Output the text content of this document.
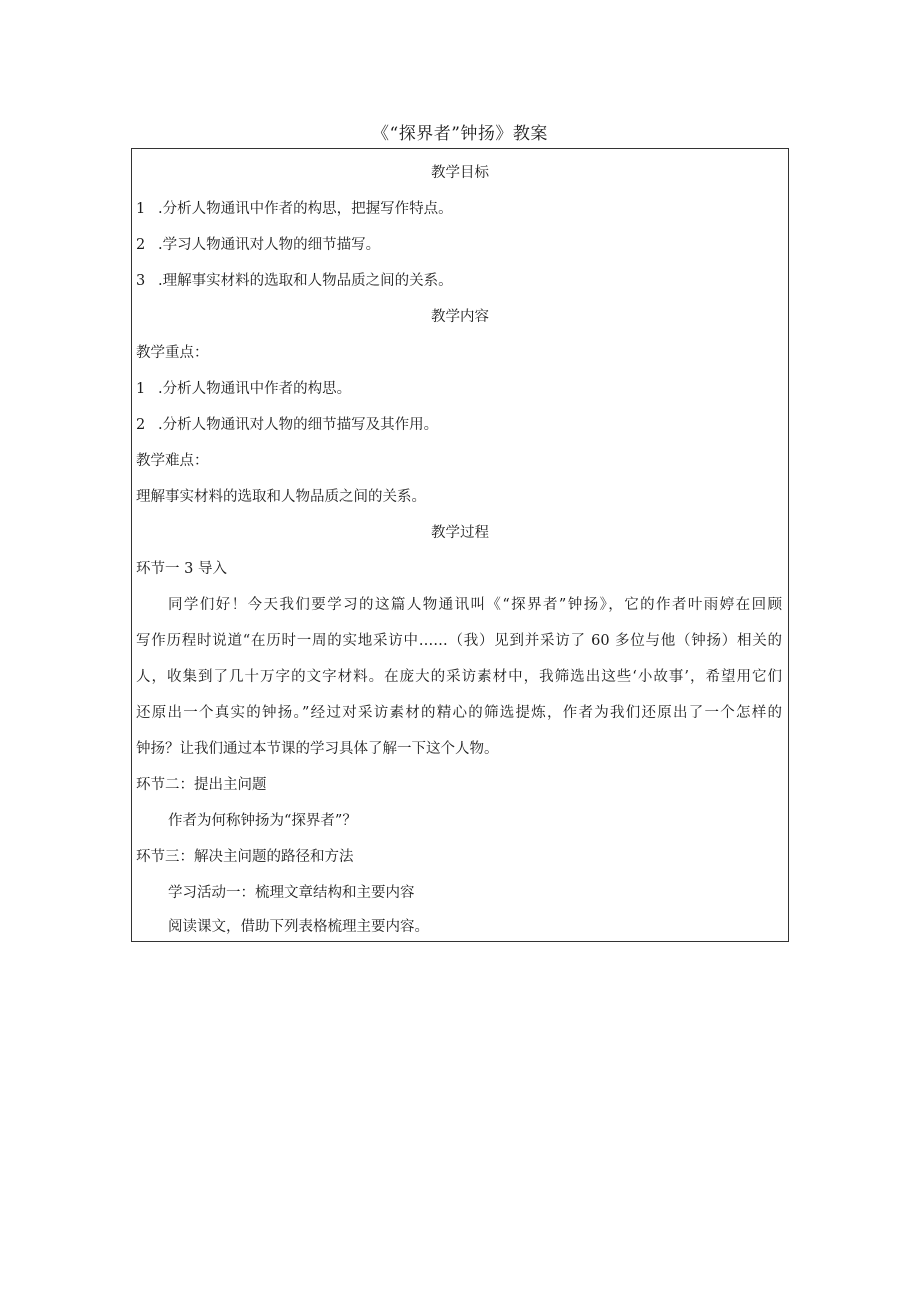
《“探界者”钟扬》教案
教学目标
1 .分析人物通讯中作者的构思，把握写作特点。
2 .学习人物通讯对人物的细节描写。
3 .理解事实材料的选取和人物品质之间的关系。
教学内容
教学重点：
1 .分析人物通讯中作者的构思。
2 .分析人物通讯对人物的细节描写及其作用。
教学难点：
理解事实材料的选取和人物品质之间的关系。
教学过程
环节一 3 导入
同学们好！今天我们要学习的这篇人物通讯叫《“探界者”钟扬》，它的作者叶雨婷在回顾
写作历程时说道“在历时一周的实地采访中……（我）见到并采访了 60 多位与他（钟扬）相关的
人，收集到了几十万字的文字材料。在庞大的采访素材中，我筛选出这些‘小故事’，希望用它们
还原出一个真实的钟扬。”经过对采访素材的精心的筛选提炼，作者为我们还原出了一个怎样的
钟扬？让我们通过本节课的学习具体了解一下这个人物。
环节二：提出主问题
作者为何称钟扬为“探界者”？
环节三：解决主问题的路径和方法
学习活动一：梳理文章结构和主要内容
阅读课文，借助下列表格梳理主要内容。
